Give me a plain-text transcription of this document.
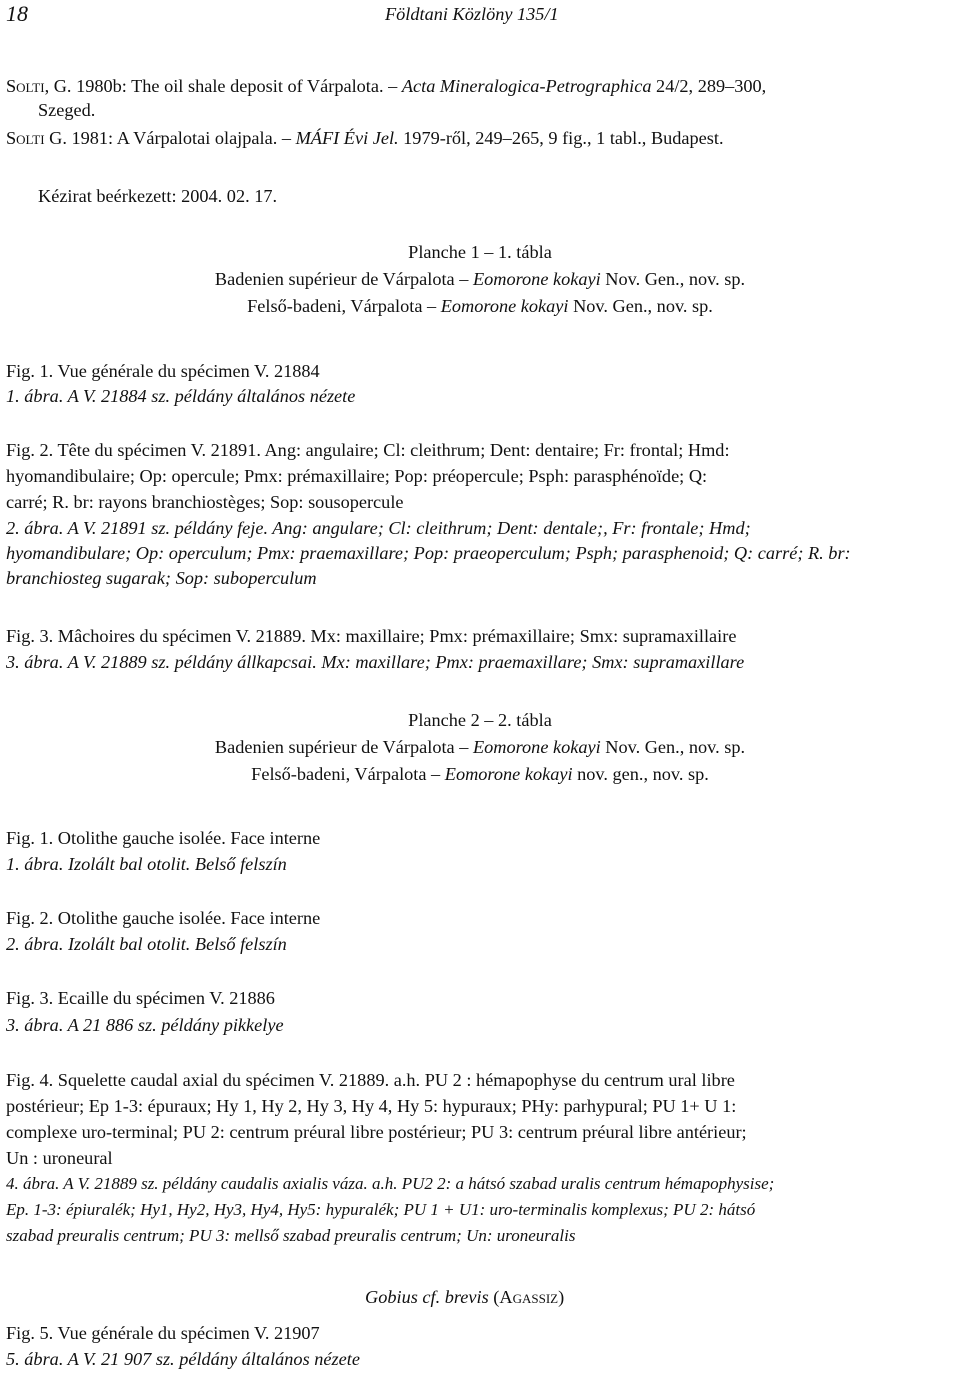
18	Földtani Közlöny 135/1
Solti, G. 1980b: The oil shale deposit of Várpalota. – Acta Mineralogica-Petrographica 24/2, 289–300,
Szeged.
Solti G. 1981: A Várpalotai olajpala. – MÁFI Évi Jel. 1979-ről, 249–265, 9 fig., 1 tabl., Budapest.
Kézirat beérkezett: 2004. 02. 17.
Planche 1 – 1. tábla
Badenien supérieur de Várpalota – Eomorone kokayi Nov. Gen., nov. sp.
Felső-badeni, Várpalota – Eomorone kokayi Nov. Gen., nov. sp.
Fig. 1. Vue générale du spécimen V. 21884
1. ábra. A V. 21884 sz. példány általános nézete
Fig. 2. Tête du spécimen V. 21891. Ang: angulaire; Cl: cleithrum; Dent: dentaire; Fr: frontal; Hmd:
hyomandibulaire; Op: opercule; Pmx: prémaxillaire; Pop: préopercule; Psph: parasphénoïde; Q:
carré; R. br: rayons branchiostèges; Sop: sousopercule
2. ábra. A V. 21891 sz. példány feje. Ang: angulare; Cl: cleithrum; Dent: dentale;, Fr: frontale; Hmd;
hyomandibulare; Op: operculum; Pmx: praemaxillare; Pop: praeoperculum; Psph; parasphenoid; Q: carré; R. br:
branchiosteg sugarak; Sop: suboperculum
Fig. 3. Mâchoires du spécimen V. 21889. Mx: maxillaire; Pmx: prémaxillaire; Smx: supramaxillaire
3. ábra. A V. 21889 sz. példány állkapcsai. Mx: maxillare; Pmx: praemaxillare; Smx: supramaxillare
Planche 2 – 2. tábla
Badenien supérieur de Várpalota – Eomorone kokayi Nov. Gen., nov. sp.
Felső-badeni, Várpalota – Eomorone kokayi nov. gen., nov. sp.
Fig. 1. Otolithe gauche isolée. Face interne
1. ábra. Izolált bal otolit. Belső felszín
Fig. 2. Otolithe gauche isolée. Face interne
2. ábra. Izolált bal otolit. Belső felszín
Fig. 3. Ecaille du spécimen V. 21886
3. ábra. A 21 886 sz. példány pikkelye
Fig. 4. Squelette caudal axial du spécimen V. 21889. a.h. PU 2 : hémapophyse du centrum ural libre
postérieur; Ep 1-3: épuraux; Hy 1, Hy 2, Hy 3, Hy 4, Hy 5: hypuraux; PHy: parhypural; PU 1+ U 1:
complexe uro-terminal; PU 2: centrum préural libre postérieur; PU 3: centrum préural libre antérieur;
Un : uroneural
4. ábra. A V. 21889 sz. példány caudalis axialis váza. a.h. PU2 2: a hátsó szabad uralis centrum hémapophysise;
Ep. 1-3: épiuralék; Hy1, Hy2, Hy3, Hy4, Hy5: hypuralék; PU 1 + U1: uro-terminalis komplexus; PU 2: hátsó
szabad preuralis centrum; PU 3: mellső szabad preuralis centrum; Un: uroneuralis
Gobius cf. brevis (Agassiz)
Fig. 5. Vue générale du spécimen V. 21907
5. ábra. A V. 21 907 sz. példány általános nézete
